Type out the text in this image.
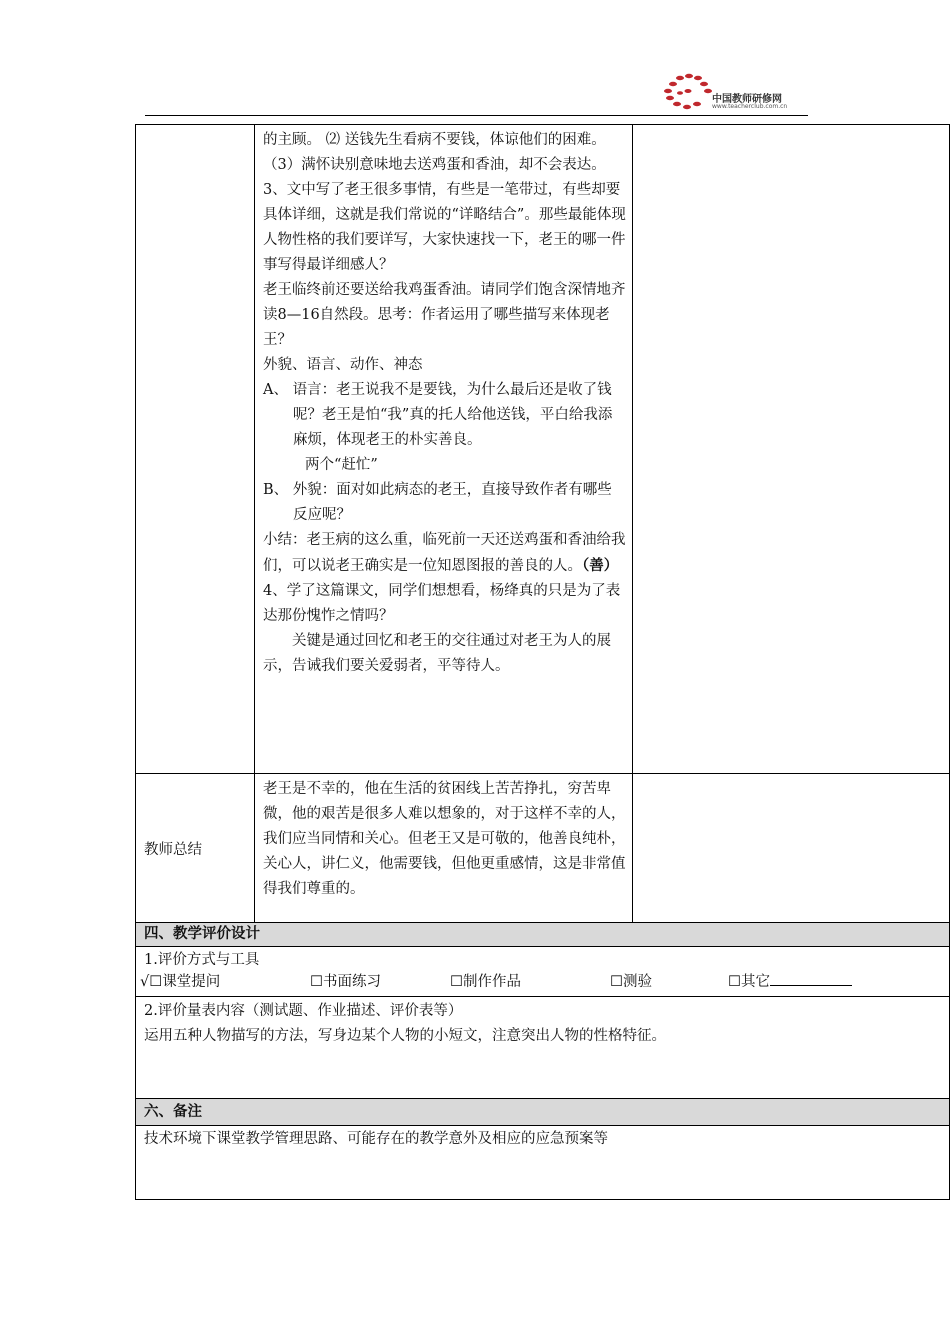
中国教师研修网
www.teacherclub.com.cn

的主顾。 ⑵ 送钱先生看病不要钱，体谅他们的困难。

（3）满怀诀别意味地去送鸡蛋和香油，却不会表达。

3、文中写了老王很多事情，有些是一笔带过，有些却要具体详细，这就是我们常说的“详略结合”。那些最能体现人物性格的我们要详写，大家快速找一下，老王的哪一件事写得最详细感人？

老王临终前还要送给我鸡蛋香油。请同学们饱含深情地齐读8—16自然段。思考：作者运用了哪些描写来体现老王？

外貌、语言、动作、神态

A、 语言：老王说我不是要钱，为什么最后还是收了钱呢？老王是怕“我”真的托人给他送钱，平白给我添麻烦，体现老王的朴实善良。

两个“赶忙”

B、 外貌：面对如此病态的老王，直接导致作者有哪些反应呢？

小结：老王病的这么重，临死前一天还送鸡蛋和香油给我们，可以说老王确实是一位知恩图报的善良的人。（善）

4、学了这篇课文，同学们想想看，杨绛真的只是为了表达那份愧怍之情吗？

关键是通过回忆和老王的交往通过对老王为人的展示，告诫我们要关爱弱者，平等待人。

教师总结

老王是不幸的，他在生活的贫困线上苦苦挣扎，穷苦卑微，他的艰苦是很多人难以想象的，对于这样不幸的人，我们应当同情和关心。但老王又是可敬的，他善良纯朴，关心人，讲仁义，他需要钱，但他更重感情，这是非常值得我们尊重的。

四、教学评价设计
1.评价方式与工具
√☐课堂提问	☐书面练习	☐制作作品	☐测验	☐其它
2.评价量表内容（测试题、作业描述、评价表等）
运用五种人物描写的方法，写身边某个人物的小短文，注意突出人物的性格特征。
六、备注
技术环境下课堂教学管理思路、可能存在的教学意外及相应的应急预案等
